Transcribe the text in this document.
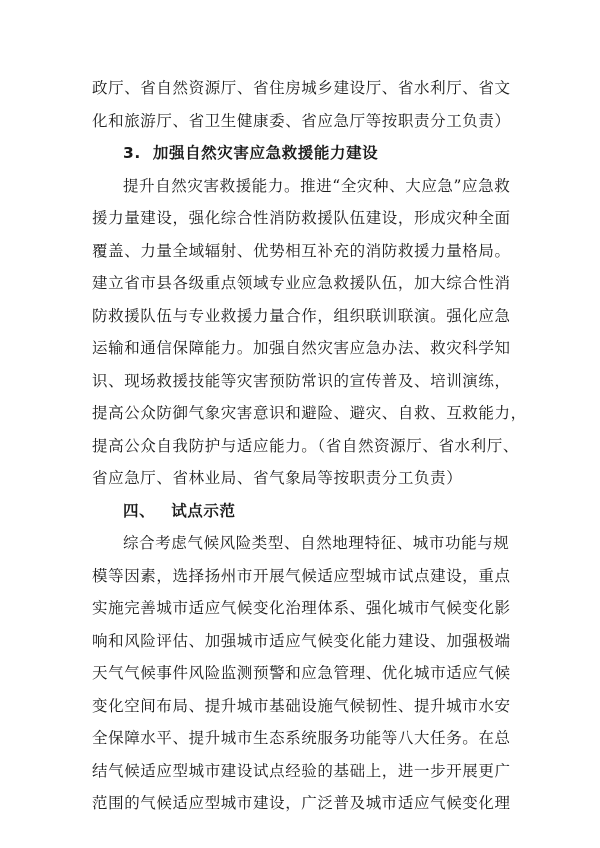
政厅、省自然资源厅、省住房城乡建设厅、省水利厅、省文
化和旅游厅、省卫生健康委、省应急厅等按职责分工负责）
3. 加强自然灾害应急救援能力建设
提升自然灾害救援能力。推进“全灾种、大应急”应急救
援力量建设，强化综合性消防救援队伍建设，形成灾种全面
覆盖、力量全域辐射、优势相互补充的消防救援力量格局。
建立省市县各级重点领域专业应急救援队伍，加大综合性消
防救援队伍与专业救援力量合作，组织联训联演。强化应急
运输和通信保障能力。加强自然灾害应急办法、救灾科学知
识、现场救援技能等灾害预防常识的宣传普及、培训演练，
提高公众防御气象灾害意识和避险、避灾、自救、互救能力，
提高公众自我防护与适应能力。（省自然资源厅、省水利厅、
省应急厅、省林业局、省气象局等按职责分工负责）
四、 试点示范
综合考虑气候风险类型、自然地理特征、城市功能与规
模等因素，选择扬州市开展气候适应型城市试点建设，重点
实施完善城市适应气候变化治理体系、强化城市气候变化影
响和风险评估、加强城市适应气候变化能力建设、加强极端
天气气候事件风险监测预警和应急管理、优化城市适应气候
变化空间布局、提升城市基础设施气候韧性、提升城市水安
全保障水平、提升城市生态系统服务功能等八大任务。在总
结气候适应型城市建设试点经验的基础上，进一步开展更广
范围的气候适应型城市建设，广泛普及城市适应气候变化理
